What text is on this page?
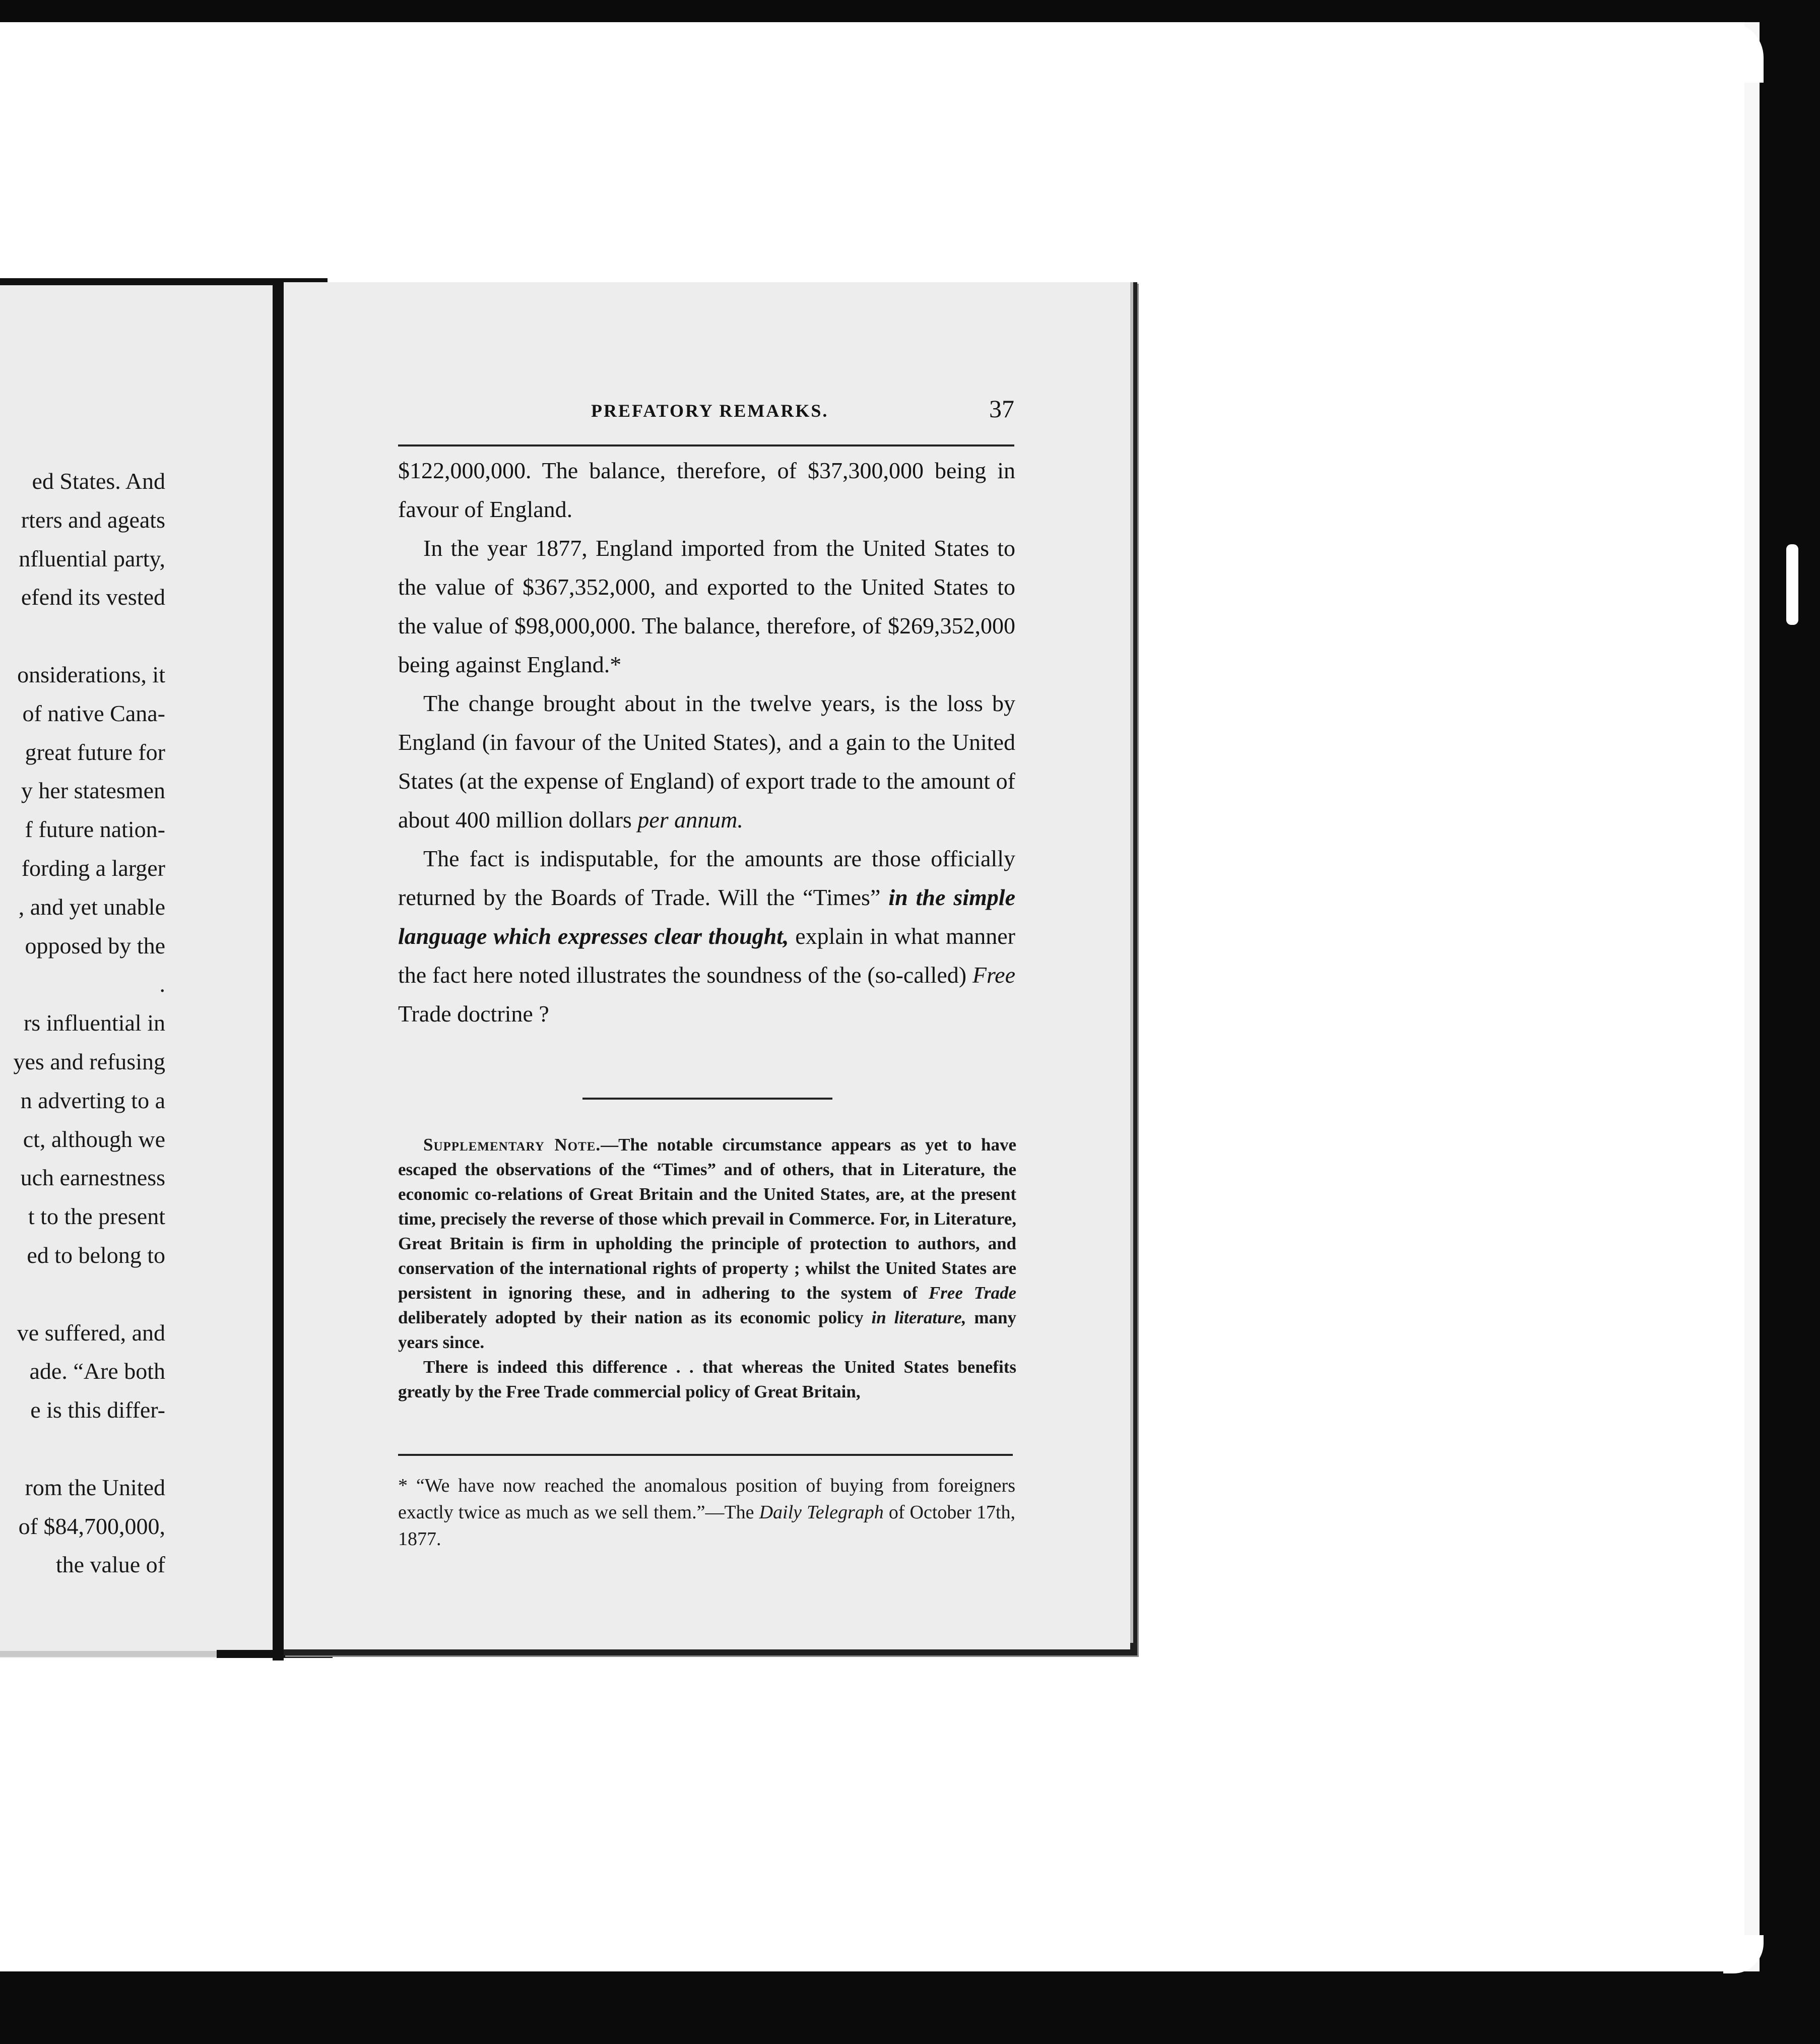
ed States. And
rters and ageats
nfluential party,
efend its vested
onsiderations, it
of native Cana-
great future for
y her statesmen
f future nation-
fording a larger
, and yet unable
opposed by the
.
rs influential in
yes and refusing
n adverting to a
ct, although we
uch earnestness
t to the present
ed to belong to
ve suffered, and
ade. “Are both
e is this differ-
rom the United
of $84,700,000,
the value of
PREFATORY REMARKS.	37

$122,000,000. The balance, therefore, of $37,300,000 being in favour of England.

In the year 1877, England imported from the United States to the value of $367,352,000, and exported to the United States to the value of $98,000,000. The balance, therefore, of $269,352,000 being against England.*

The change brought about in the twelve years, is the loss by England (in favour of the United States), and a gain to the United States (at the expense of England) of export trade to the amount of about 400 million dollars per annum.

The fact is indisputable, for the amounts are those officially returned by the Boards of Trade. Will the “Times” in the simple language which expresses clear thought, explain in what manner the fact here noted illustrates the soundness of the (so-called) Free Trade doctrine ?

Supplementary Note.—The notable circumstance appears as yet to have escaped the observations of the “Times” and of others, that in Literature, the economic co-relations of Great Britain and the United States, are, at the present time, precisely the reverse of those which prevail in Commerce. For, in Literature, Great Britain is firm in upholding the principle of protection to authors, and conservation of the international rights of property ; whilst the United States are persistent in ignoring these, and in adhering to the system of Free Trade deliberately adopted by their nation as its economic policy in literature, many years since.

There is indeed this difference . . that whereas the United States benefits greatly by the Free Trade commercial policy of Great Britain,

* “We have now reached the anomalous position of buying from foreigners exactly twice as much as we sell them.”—The Daily Telegraph of October 17th, 1877.
